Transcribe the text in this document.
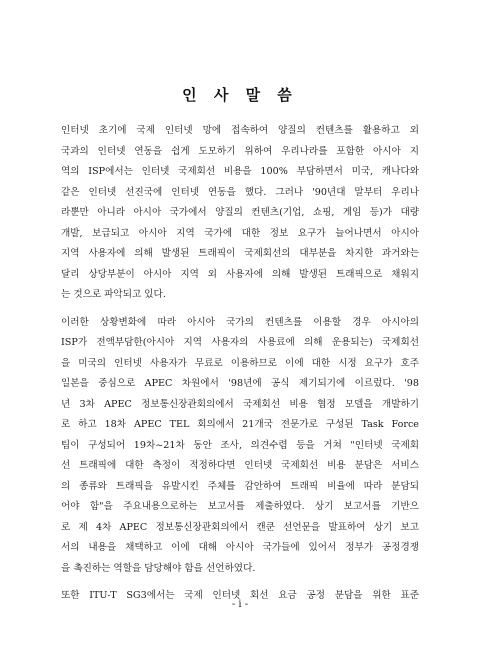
인 사 말 씀
인터넷 초기에 국제 인터넷 망에 접속하여 양질의 컨텐츠를 활용하고 외
국과의 인터넷 연동을 쉽게 도모하기 위하여 우리나라를 포함한 아시아 지
역의 ISP에서는 인터넷 국제회선 비용을 100% 부담하면서 미국, 캐나다와
같은 인터넷 선진국에 인터넷 연동을 했다. 그러나 '90년대 말부터 우리나
라뿐만 아니라 아시아 국가에서 양질의 컨텐츠(기업, 쇼핑, 게임 등)가 대량
개발, 보급되고 아시아 지역 국가에 대한 정보 요구가 늘어나면서 아시아
지역 사용자에 의해 발생된 트래픽이 국제회선의 대부분을 차지한 과거와는
달리 상당부분이 아시아 지역 외 사용자에 의해 발생된 트래픽으로 채워지
는 것으로 파악되고 있다.
이러한 상황변화에 따라 아시아 국가의 컨텐츠를 이용할 경우 아시아의
ISP가 전액부담한(아시아 지역 사용자의 사용료에 의해 운용되는) 국제회선
을 미국의 인터넷 사용자가 무료로 이용하므로 이에 대한 시정 요구가 호주
일본을 중심으로 APEC 차원에서 '98년에 공식 제기되기에 이르렀다. '98
년 3차 APEC 정보통신장관회의에서 국제회선 비용 협정 모델을 개발하기
로 하고 18차 APEC TEL 회의에서 21개국 전문가로 구성된 Task Force
팀이 구성되어 19차~21차 동안 조사, 의견수렴 등을 거쳐 "인터넷 국제회
선 트래픽에 대한 측정이 적정하다면 인터넷 국제회선 비용 분담은 서비스
의 종류와 트래픽을 유발시킨 주체를 감안하여 트래픽 비율에 따라 분담되
어야 함"을 주요내용으로하는 보고서를 제출하였다. 상기 보고서를 기반으
로 제 4차 APEC 정보통신장관회의에서 캔쿤 선언문을 발표하여 상기 보고
서의 내용을 채택하고 이에 대해 아시아 국가들에 있어서 정부가 공정경쟁
을 촉진하는 역할을 담당해야 함을 선언하였다.
또한 ITU-T SG3에서는 국제 인터넷 회선 요금 공정 분담을 위한 표준
- i -
